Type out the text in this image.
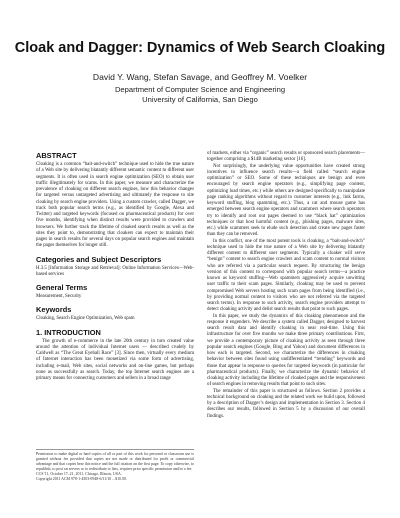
Cloak and Dagger: Dynamics of Web Search Cloaking
David Y. Wang, Stefan Savage, and Geoffrey M. Voelker
Department of Computer Science and Engineering
University of California, San Diego
ABSTRACT

Cloaking is a common “bait-and-switch” technique used to hide the true nature of a Web site by delivering blatantly different semantic content to different user segments. It is often used in search engine optimization (SEO) to obtain user traffic illegitimately for scams. In this paper, we measure and characterize the prevalence of cloaking on different search engines, how this behavior changes for targeted versus untargeted advertising and ultimately the response to site cloaking by search engine providers. Using a custom crawler, called Dagger, we track both popular search terms (e.g., as identified by Google, Alexa and Twitter) and targeted keywords (focused on pharmaceutical products) for over five months, identifying when distinct results were provided to crawlers and browsers. We further track the lifetime of cloaked search results as well as the sites they point to, demonstrating that cloakers can expect to maintain their pages in search results for several days on popular search engines and maintain the pages themselves for longer still.

Categories and Subject Descriptors

H.3.5 [Information Storage and Retrieval]: Online Information Services—Web-based services

General Terms

Measurement, Security

Keywords

Cloaking, Search Engine Optimization, Web spam

1. INTRODUCTION

The growth of e-commerce in the late 20th century in turn created value around the attention of individual Internet users — described crudely by Caldwell as “The Great Eyeball Race” [3]. Since then, virtually every medium of Internet interaction has been monetized via some form of advertising, including e-mail, Web sites, social networks and on-line games, but perhaps none as successfully as search. Today, the top Internet search engines are a primary means for connecting customers and sellers in a broad range

Permission to make digital or hard copies of all or part of this work for personal or classroom use is granted without fee provided that copies are not made or distributed for profit or commercial advantage and that copies bear this notice and the full citation on the first page. To copy otherwise, to republish, to post on servers or to redistribute to lists, requires prior specific permission and/or a fee.
CCS’11, October 17–21, 2011, Chicago, Illinois, USA.
Copyright 2011 ACM 978-1-4503-0948-6/11/10 ...$10.00.

of markets, either via “organic” search results or sponsored search placements—together comprising a $14B marketing sector [16].

Not surprisingly, the underlying value opportunities have created strong incentives to influence search results—a field called “search engine optimization” or SEO. Some of these techniques are benign and even encouraged by search engine operators (e.g., simplifying page content, optimizing load times, etc.) while others are designed specifically to manipulate page ranking algorithms without regard to customer interests (e.g., link farms, keyword stuffing, blog spamming, etc.). Thus, a cat and mouse game has emerged between search engine operators and scammers where search operators try to identify and root out pages deemed to use “black hat” optimization techniques or that host harmful content (e.g., phishing pages, malware sites, etc.) while scammers seek to elude such detection and create new pages faster than they can be removed.

In this conflict, one of the most potent tools is cloaking, a “bait-and-switch” technique used to hide the true nature of a Web site by delivering blatantly different content to different user segments. Typically a cloaker will serve “benign” content to search engine crawlers and scam content to normal visitors who are referred via a particular search request. By structuring the benign version of this content to correspond with popular search terms—a practice known as keyword stuffing—Web spammers aggressively acquire unwitting user traffic to their scam pages. Similarly, cloaking may be used to prevent compromised Web servers hosting such scam pages from being identified (i.e., by providing normal content to visitors who are not referred via the targeted search terms). In response to such activity, search engine providers attempt to detect cloaking activity and delist search results that point to such pages.

In this paper, we study the dynamics of this cloaking phenomenon and the response it engenders. We describe a system called Dagger, designed to harvest search result data and identify cloaking in near real-time. Using this infrastructure for over five months we make three primary contributions. First, we provide a contemporary picture of cloaking activity as seen through three popular search engines (Google, Bing and Yahoo) and document differences in how each is targeted. Second, we characterize the differences in cloaking behavior between sites found using undifferentiated “trending” keywords and those that appear in response to queries for targeted keywords (in particular for pharmaceutical products). Finally, we characterize the dynamic behavior of cloaking activity including the lifetime of cloaked pages and the responsiveness of search engines in removing results that point to such sites.

The remainder of this paper is structured as follows. Section 2 provides a technical background on cloaking and the related work we build upon, followed by a description of Dagger’s design and implementation in Section 3. Section 4 describes our results, followed in Section 5 by a discussion of our overall findings.
